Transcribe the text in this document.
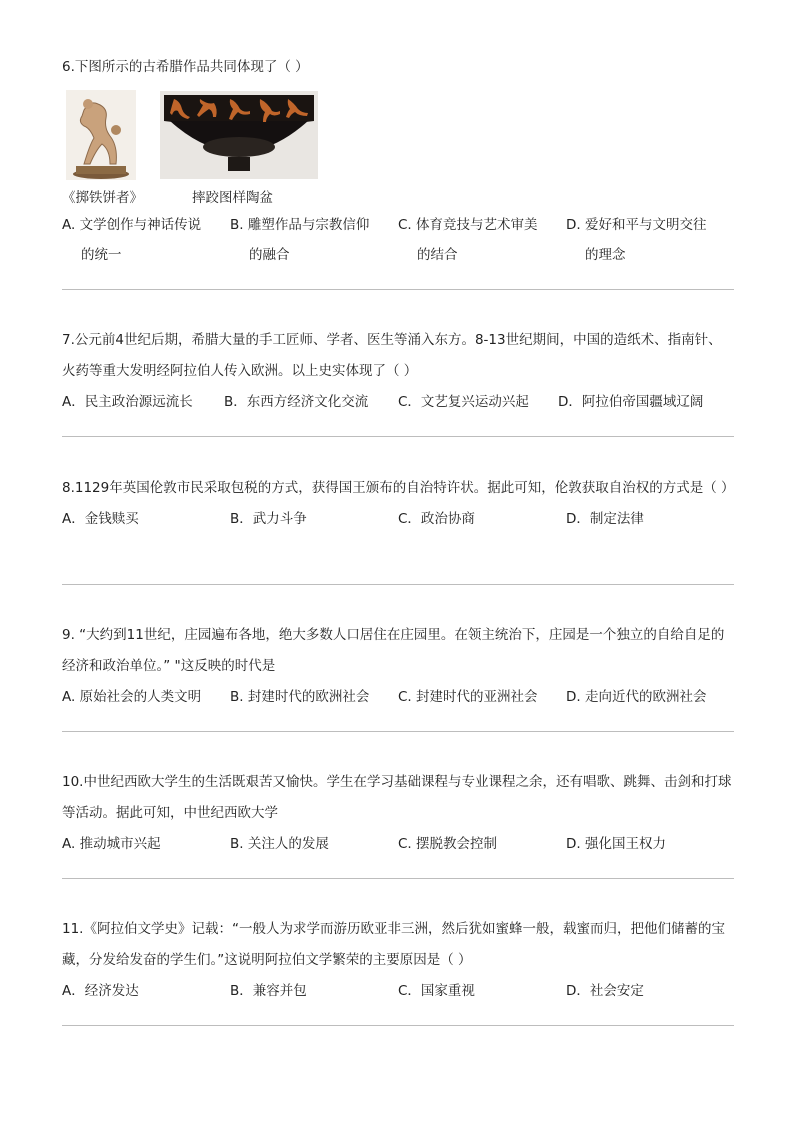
6.下图所示的古希腊作品共同体现了（ ）

《掷铁饼者》	摔跤图样陶盆
A. 文学创作与神话传说
的统一
B. 雕塑作品与宗教信仰
的融合
C. 体育竞技与艺术审美
的结合
D. 爱好和平与文明交往
的理念

7.公元前4世纪后期，希腊大量的手工匠师、学者、医生等涌入东方。8-13世纪期间，中国的造纸术、指南针、火药等重大发明经阿拉伯人传入欧洲。以上史实体现了（ ）

A．民主政治源远流长 B．东西方经济文化交流 C．文艺复兴运动兴起 D．阿拉伯帝国疆域辽阔

8.1129年英国伦敦市民采取包税的方式，获得国王颁布的自治特许状。据此可知，伦敦获取自治权的方式是（ ）

A．金钱赎买	B．武力斗争	C．政治协商	D．制定法律

9. “大约到11世纪，庄园遍布各地，绝大多数人口居住在庄园里。在领主统治下，庄园是一个独立的自给自足的经济和政治单位。” "这反映的时代是

A. 原始社会的人类文明 B. 封建时代的欧洲社会 C. 封建时代的亚洲社会 D. 走向近代的欧洲社会

10.中世纪西欧大学生的生活既艰苦又愉快。学生在学习基础课程与专业课程之余，还有唱歌、跳舞、击剑和打球等活动。据此可知，中世纪西欧大学

A. 推动城市兴起	B. 关注人的发展	C. 摆脱教会控制	D. 强化国王权力

11.《阿拉伯文学史》记载：“一般人为求学而游历欧亚非三洲，然后犹如蜜蜂一般，载蜜而归，把他们储蓄的宝藏，分发给发奋的学生们。”这说明阿拉伯文学繁荣的主要原因是（ ）

A．经济发达	B．兼容并包	C．国家重视	D．社会安定
